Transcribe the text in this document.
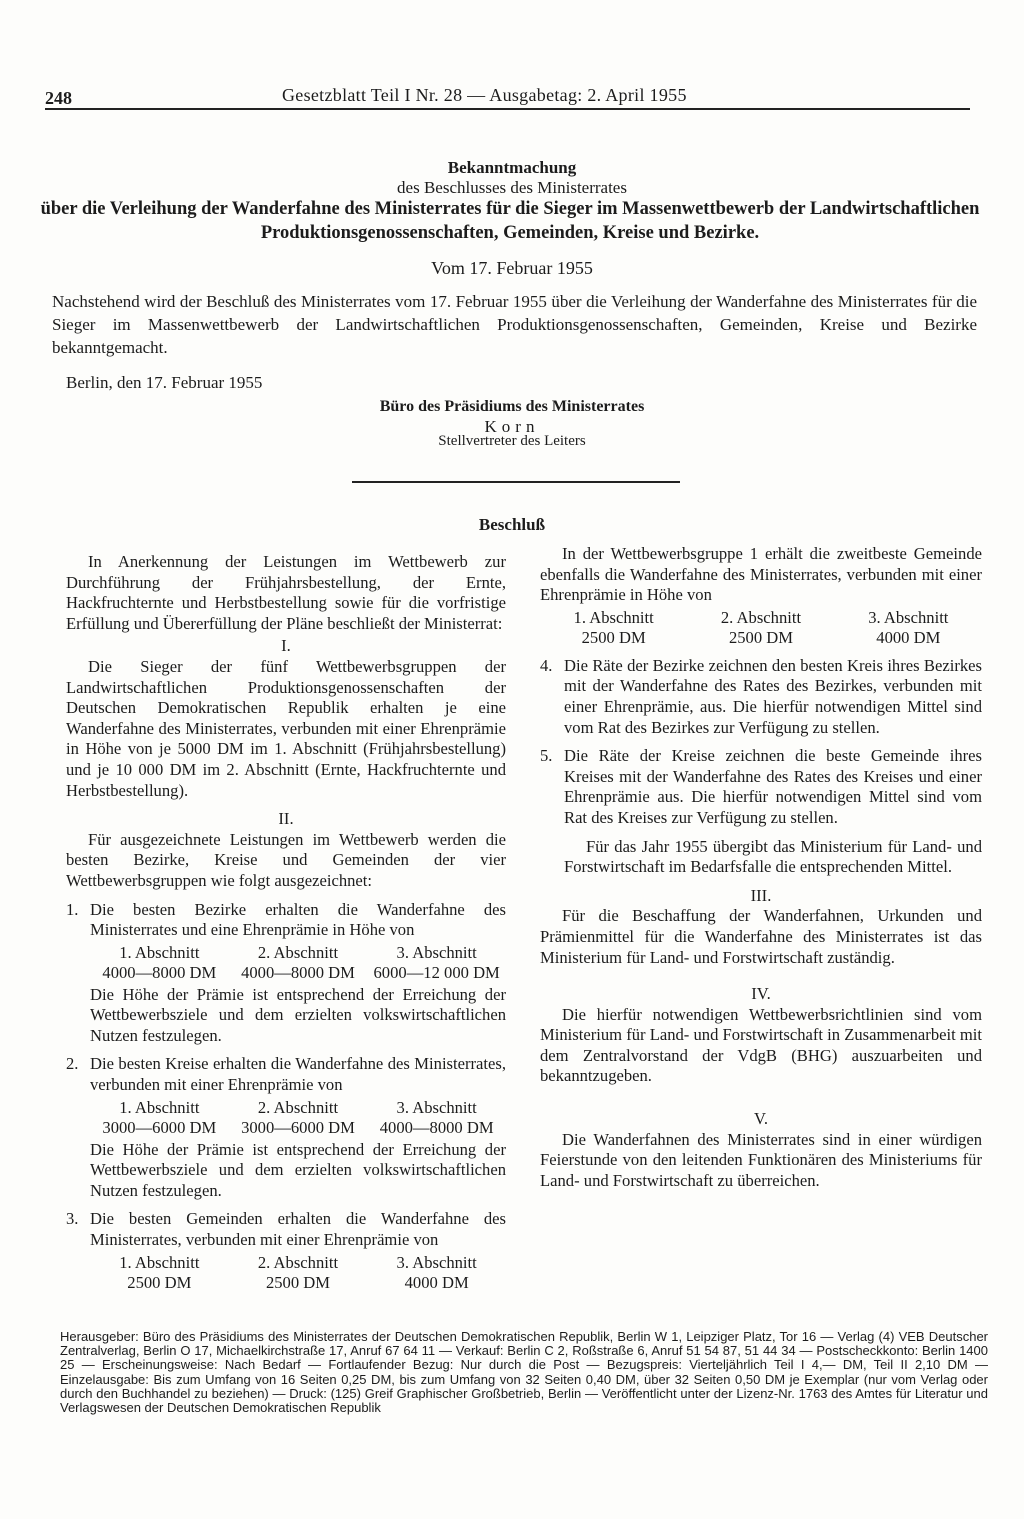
248	Gesetzblatt Teil I Nr. 28 — Ausgabetag: 2. April 1955
Bekanntmachung
des Beschlusses des Ministerrates
über die Verleihung der Wanderfahne des Ministerrates für die Sieger im Massenwettbewerb der Landwirtschaftlichen Produktionsgenossenschaften, Gemeinden, Kreise und Bezirke.
Vom 17. Februar 1955
Nachstehend wird der Beschluß des Ministerrates vom 17. Februar 1955 über die Verleihung der Wanderfahne des Ministerrates für die Sieger im Massenwettbewerb der Landwirtschaftlichen Produktionsgenossenschaften, Gemeinden, Kreise und Bezirke bekanntgemacht.
Berlin, den 17. Februar 1955
Büro des Präsidiums des Ministerrates
Korn
Stellvertreter des Leiters
Beschluß

In Anerkennung der Leistungen im Wettbewerb zur Durchführung der Frühjahrsbestellung, der Ernte, Hackfruchternte und Herbstbestellung sowie für die vorfristige Erfüllung und Übererfüllung der Pläne beschließt der Ministerrat:

I.

Die Sieger der fünf Wettbewerbsgruppen der Landwirtschaftlichen Produktionsgenossenschaften der Deutschen Demokratischen Republik erhalten je eine Wanderfahne des Ministerrates, verbunden mit einer Ehrenprämie in Höhe von je 5000 DM im 1. Abschnitt (Frühjahrsbestellung) und je 10 000 DM im 2. Abschnitt (Ernte, Hackfruchternte und Herbstbestellung).

II.

Für ausgezeichnete Leistungen im Wettbewerb werden die besten Bezirke, Kreise und Gemeinden der vier Wettbewerbsgruppen wie folgt ausgezeichnet:

1. Die besten Bezirke erhalten die Wanderfahne des Ministerrates und eine Ehrenprämie in Höhe von

1. Abschnitt	2. Abschnitt	3. Abschnitt
4000—8000 DM	4000—8000 DM	6000—12 000 DM

Die Höhe der Prämie ist entsprechend der Erreichung der Wettbewerbsziele und dem erzielten volkswirtschaftlichen Nutzen festzulegen.

2. Die besten Kreise erhalten die Wanderfahne des Ministerrates, verbunden mit einer Ehrenprämie von

1. Abschnitt	2. Abschnitt	3. Abschnitt
3000—6000 DM	3000—6000 DM	4000—8000 DM

Die Höhe der Prämie ist entsprechend der Erreichung der Wettbewerbsziele und dem erzielten volkswirtschaftlichen Nutzen festzulegen.

3. Die besten Gemeinden erhalten die Wanderfahne des Ministerrates, verbunden mit einer Ehrenprämie von

1. Abschnitt	2. Abschnitt	3. Abschnitt
2500 DM	2500 DM	4000 DM

In der Wettbewerbsgruppe 1 erhält die zweitbeste Gemeinde ebenfalls die Wanderfahne des Ministerrates, verbunden mit einer Ehrenprämie in Höhe von

1. Abschnitt	2. Abschnitt	3. Abschnitt
2500 DM	2500 DM	4000 DM
4. Die Räte der Bezirke zeichnen den besten Kreis ihres Bezirkes mit der Wanderfahne des Rates des Bezirkes, verbunden mit einer Ehrenprämie, aus. Die hierfür notwendigen Mittel sind vom Rat des Bezirkes zur Verfügung zu stellen.

5. Die Räte der Kreise zeichnen die beste Gemeinde ihres Kreises mit der Wanderfahne des Rates des Kreises und einer Ehrenprämie aus. Die hierfür notwendigen Mittel sind vom Rat des Kreises zur Verfügung zu stellen.

Für das Jahr 1955 übergibt das Ministerium für Land- und Forstwirtschaft im Bedarfsfalle die entsprechenden Mittel.

III.

Für die Beschaffung der Wanderfahnen, Urkunden und Prämienmittel für die Wanderfahne des Ministerrates ist das Ministerium für Land- und Forstwirtschaft zuständig.

IV.

Die hierfür notwendigen Wettbewerbsrichtlinien sind vom Ministerium für Land- und Forstwirtschaft in Zusammenarbeit mit dem Zentralvorstand der VdgB (BHG) auszuarbeiten und bekanntzugeben.

V.

Die Wanderfahnen des Ministerrates sind in einer würdigen Feierstunde von den leitenden Funktionären des Ministeriums für Land- und Forstwirtschaft zu überreichen.

Herausgeber: Büro des Präsidiums des Ministerrates der Deutschen Demokratischen Republik, Berlin W 1, Leipziger Platz, Tor 16 — Verlag (4) VEB Deutscher Zentralverlag, Berlin O 17, Michaelkirchstraße 17, Anruf 67 64 11 — Verkauf: Berlin C 2, Roßstraße 6, Anruf 51 54 87, 51 44 34 — Postscheckkonto: Berlin 1400 25 — Erscheinungsweise: Nach Bedarf — Fortlaufender Bezug: Nur durch die Post — Bezugspreis: Vierteljährlich Teil I 4,— DM, Teil II 2,10 DM — Einzelausgabe: Bis zum Umfang von 16 Seiten 0,25 DM, bis zum Umfang von 32 Seiten 0,40 DM, über 32 Seiten 0,50 DM je Exemplar (nur vom Verlag oder durch den Buchhandel zu beziehen) — Druck: (125) Greif Graphischer Großbetrieb, Berlin — Veröffentlicht unter der Lizenz-Nr. 1763 des Amtes für Literatur und Verlagswesen der Deutschen Demokratischen Republik
